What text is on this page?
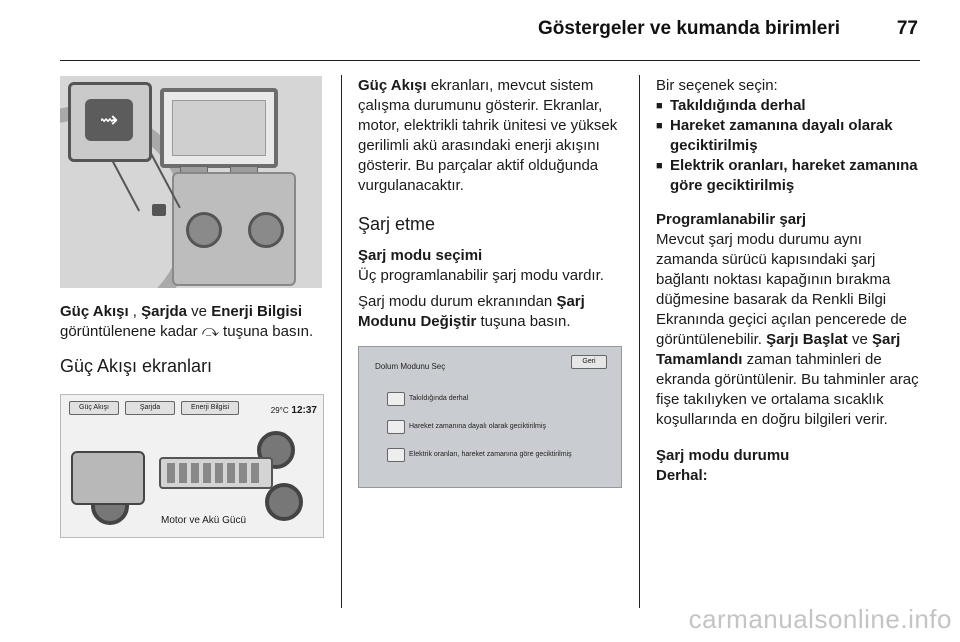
Göstergeler ve kumanda birimleri	77
⇝

Güç Akışı , Şarjda ve Enerji Bilgisi görüntülenene kadar ⤼ tuşuna basın.

Güç Akışı ekranları
Güç Akışı	Şarjda	Enerji Bilgisi	29°C 12:37
Motor ve Akü Gücü

Güç Akışı ekranları, mevcut sistem çalışma durumunu gösterir. Ekranlar, motor, elektrikli tahrik ünitesi ve yüksek gerilimli akü arasındaki enerji akışını gösterir. Bu parçalar aktif olduğunda vurgulanacaktır.

Şarj etme
Şarj modu seçimi

Üç programlanabilir şarj modu vardır.

Şarj modu durum ekranından Şarj Modunu Değiştir tuşuna basın.

Dolum Modunu Seç
Geri
Takıldığında derhal
Hareket zamanına dayalı olarak geciktirilmiş
Elektrik oranları, hareket zamanına göre geciktirilmiş

Bir seçenek seçin:

■ Takıldığında derhal
■ Hareket zamanına dayalı olarak geciktirilmiş
■ Elektrik oranları, hareket zamanına göre geciktirilmiş
Programlanabilir şarj

Mevcut şarj modu durumu aynı zamanda sürücü kapısındaki şarj bağlantı noktası kapağının bırakma düğmesine basarak da Renkli Bilgi Ekranında geçici açılan pencerede de görüntülenebilir. Şarjı Başlat ve Şarj Tamamlandı zaman tahminleri de ekranda görüntülenir. Bu tahminler araç fişe takılıyken ve ortalama sıcaklık koşullarında en doğru bilgileri verir.

Şarj modu durumu
Derhal:
carmanualsonline.info
